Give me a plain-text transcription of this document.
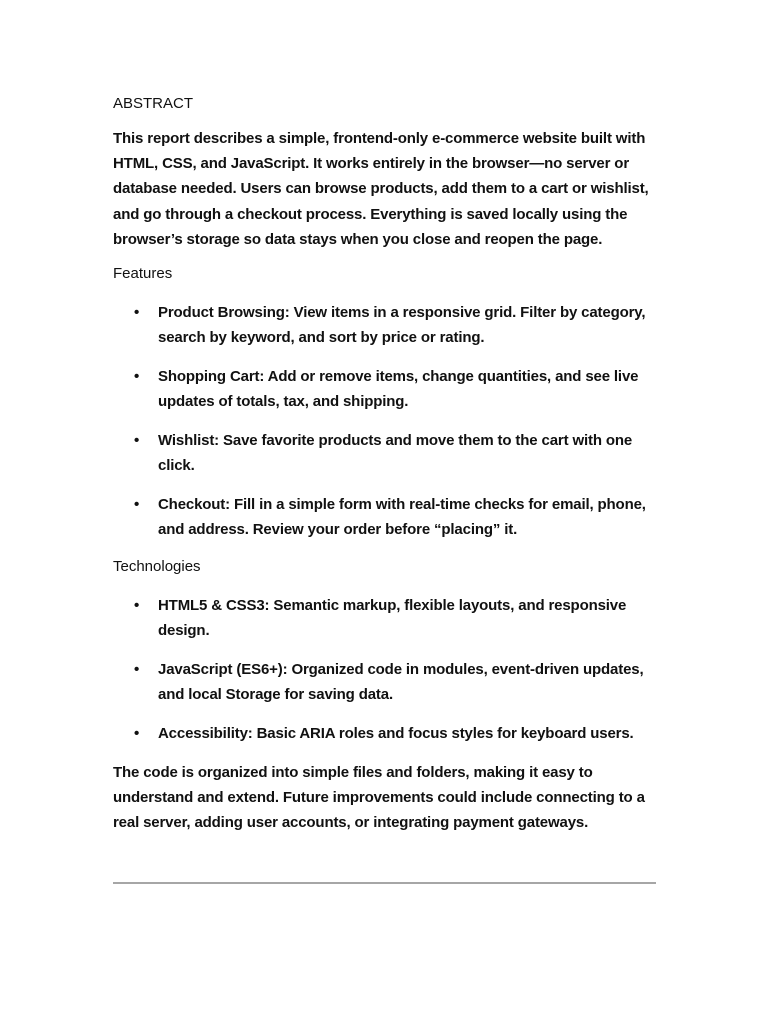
ABSTRACT

This report describes a simple, frontend-only e-commerce website built with HTML, CSS, and JavaScript. It works entirely in the browser—no server or database needed. Users can browse products, add them to a cart or wishlist, and go through a checkout process. Everything is saved locally using the browser’s storage so data stays when you close and reopen the page.

Features
• Product Browsing: View items in a responsive grid. Filter by category, search by keyword, and sort by price or rating.
• Shopping Cart: Add or remove items, change quantities, and see live updates of totals, tax, and shipping.
• Wishlist: Save favorite products and move them to the cart with one click.
• Checkout: Fill in a simple form with real-time checks for email, phone, and address. Review your order before “placing” it.
Technologies
• HTML5 & CSS3: Semantic markup, flexible layouts, and responsive design.
• JavaScript (ES6+): Organized code in modules, event-driven updates, and local Storage for saving data.
• Accessibility: Basic ARIA roles and focus styles for keyboard users.

The code is organized into simple files and folders, making it easy to understand and extend. Future improvements could include connecting to a real server, adding user accounts, or integrating payment gateways.
